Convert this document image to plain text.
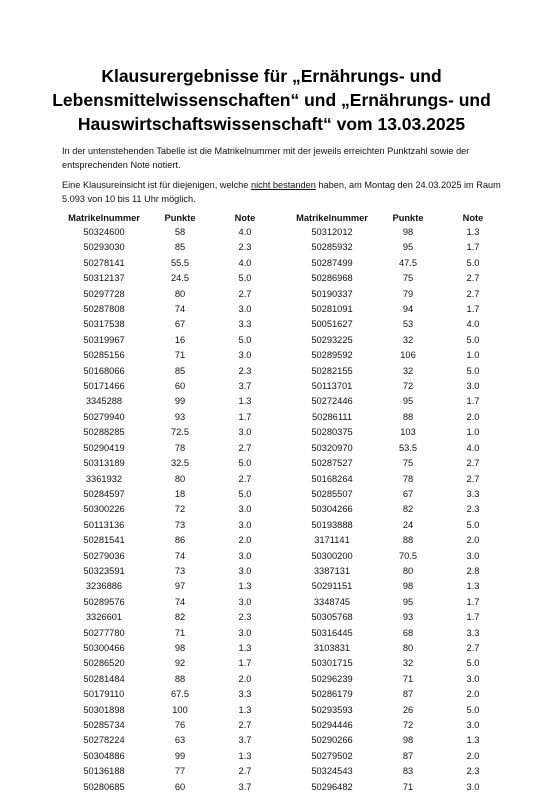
Klausurergebnisse für „Ernährungs- und
Lebensmittelwissenschaften“ und „Ernährungs- und
Hauswirtschaftswissenschaft“ vom 13.03.2025
In der untenstehenden Tabelle ist die Matrikelnummer mit der jeweils erreichten Punktzahl sowie der entsprechenden Note notiert.
Eine Klausureinsicht ist für diejenigen, welche nicht bestanden haben, am Montag den 24.03.2025 im Raum 5.093 von 10 bis 11 Uhr möglich.
Matrikelnummer	Punkte	Note
50324600	58	4.0
50293030	85	2.3
50278141	55.5	4.0
50312137	24.5	5.0
50297728	80	2.7
50287808	74	3.0
50317538	67	3.3
50319967	16	5.0
50285156	71	3.0
50168066	85	2.3
50171466	60	3.7
3345288	99	1.3
50279940	93	1.7
50288285	72.5	3.0
50290419	78	2.7
50313189	32.5	5.0
3361932	80	2.7
50284597	18	5.0
50300226	72	3.0
50113136	73	3.0
50281541	86	2.0
50279036	74	3.0
50323591	73	3.0
3236886	97	1.3
50289576	74	3.0
3326601	82	2.3
50277780	71	3.0
50300466	98	1.3
50286520	92	1.7
50281484	88	2.0
50179110	67.5	3.3
50301898	100	1.3
50285734	76	2.7
50278224	63	3.7
50304886	99	1.3
50136188	77	2.7
50280685	60	3.7
Matrikelnummer	Punkte	Note
50312012	98	1.3
50285932	95	1.7
50287499	47.5	5.0
50286968	75	2.7
50190337	79	2.7
50281091	94	1.7
50051627	53	4.0
50293225	32	5.0
50289592	106	1.0
50282155	32	5.0
50113701	72	3.0
50272446	95	1.7
50286111	88	2.0
50280375	103	1.0
50320970	53.5	4.0
50287527	75	2.7
50168264	78	2.7
50285507	67	3.3
50304266	82	2.3
50193888	24	5.0
3171141	88	2.0
50300200	70.5	3.0
3387131	80	2.8
50291151	98	1.3
3348745	95	1.7
50305768	93	1.7
50316445	68	3.3
3103831	80	2.7
50301715	32	5.0
50296239	71	3.0
50286179	87	2.0
50293593	26	5.0
50294446	72	3.0
50290266	98	1.3
50279502	87	2.0
50324543	83	2.3
50296482	71	3.0
